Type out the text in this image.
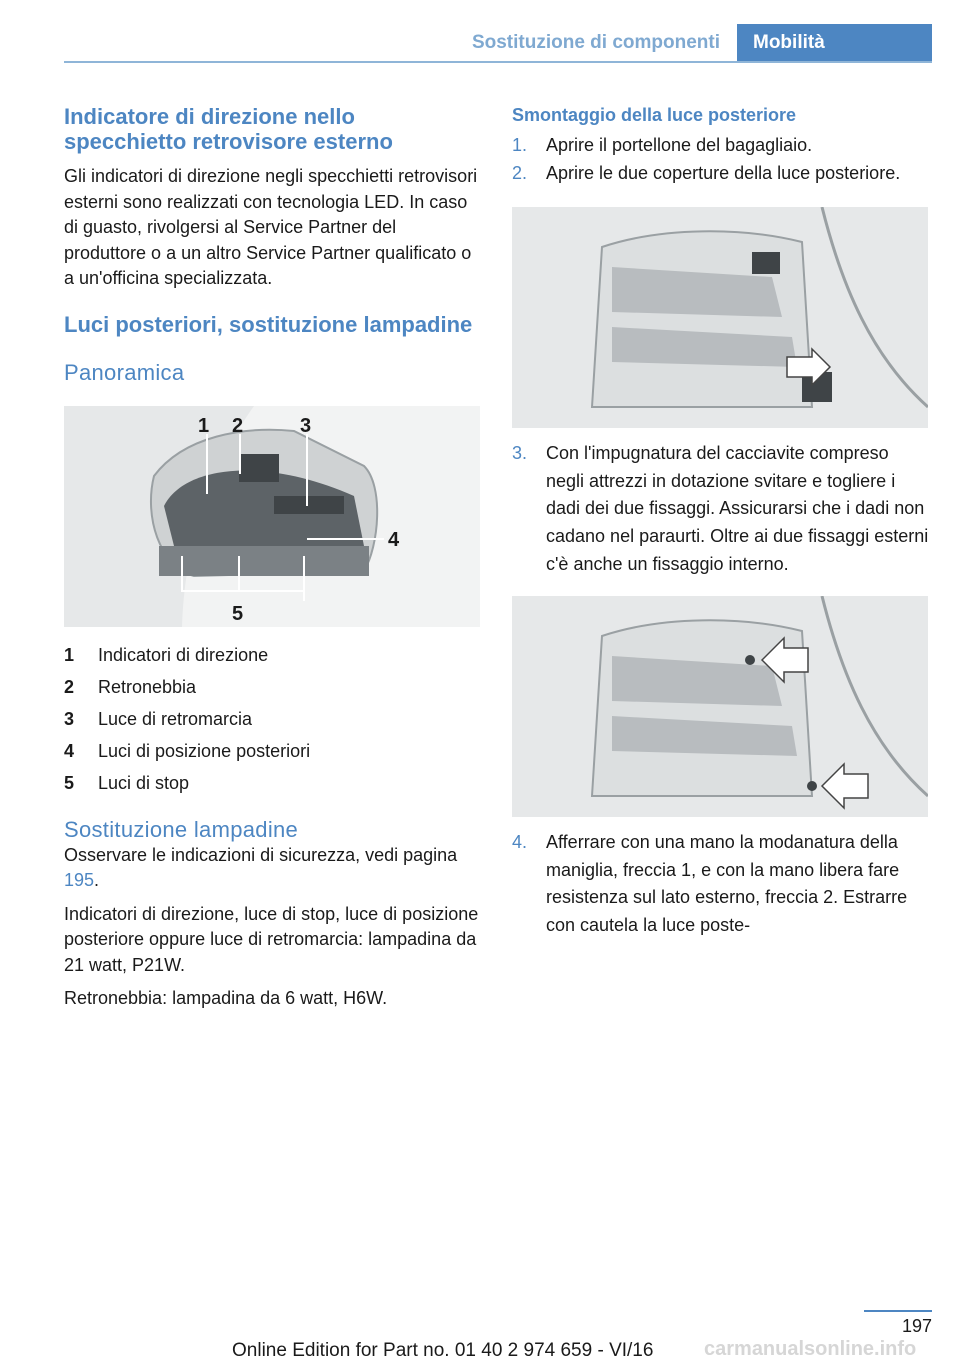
Sostituzione di componenti	Mobilità
Indicatore di direzione nello specchietto retrovisore esterno

Gli indicatori di direzione negli specchietti retrovisori esterni sono realizzati con tecnologia LED. In caso di guasto, rivolgersi al Service Partner del produttore o a un altro Service Partner qualificato o a un'officina specializzata.

Luci posteriori, sostituzione lampadine
Panoramica
1 2	3
4
5
1	Indicatori di direzione
2	Retronebbia
3	Luce di retromarcia
4	Luci di posizione posteriori
5	Luci di stop
Sostituzione lampadine

Osservare le indicazioni di sicurezza, vedi pagina 195.

Indicatori di direzione, luce di stop, luce di posizione posteriore oppure luce di retromarcia: lampadina da 21 watt, P21W.

Retronebbia: lampadina da 6 watt, H6W.

Smontaggio della luce posteriore
1.	Aprire il portellone del bagagliaio.
2.	Aprire le due coperture della luce posteriore.
3.	Con l'impugnatura del cacciavite compreso negli attrezzi in dotazione svitare e togliere i dadi dei due fissaggi. Assicurarsi che i dadi non cadano nel paraurti. Oltre ai due fissaggi esterni c'è anche un fissaggio interno.
4.	Afferrare con una mano la modanatura della maniglia, freccia 1, e con la mano libera fare resistenza sul lato esterno, freccia 2. Estrarre con cautela la luce poste-
197
carmanualsonline.info
Online Edition for Part no. 01 40 2 974 659 - VI/16
